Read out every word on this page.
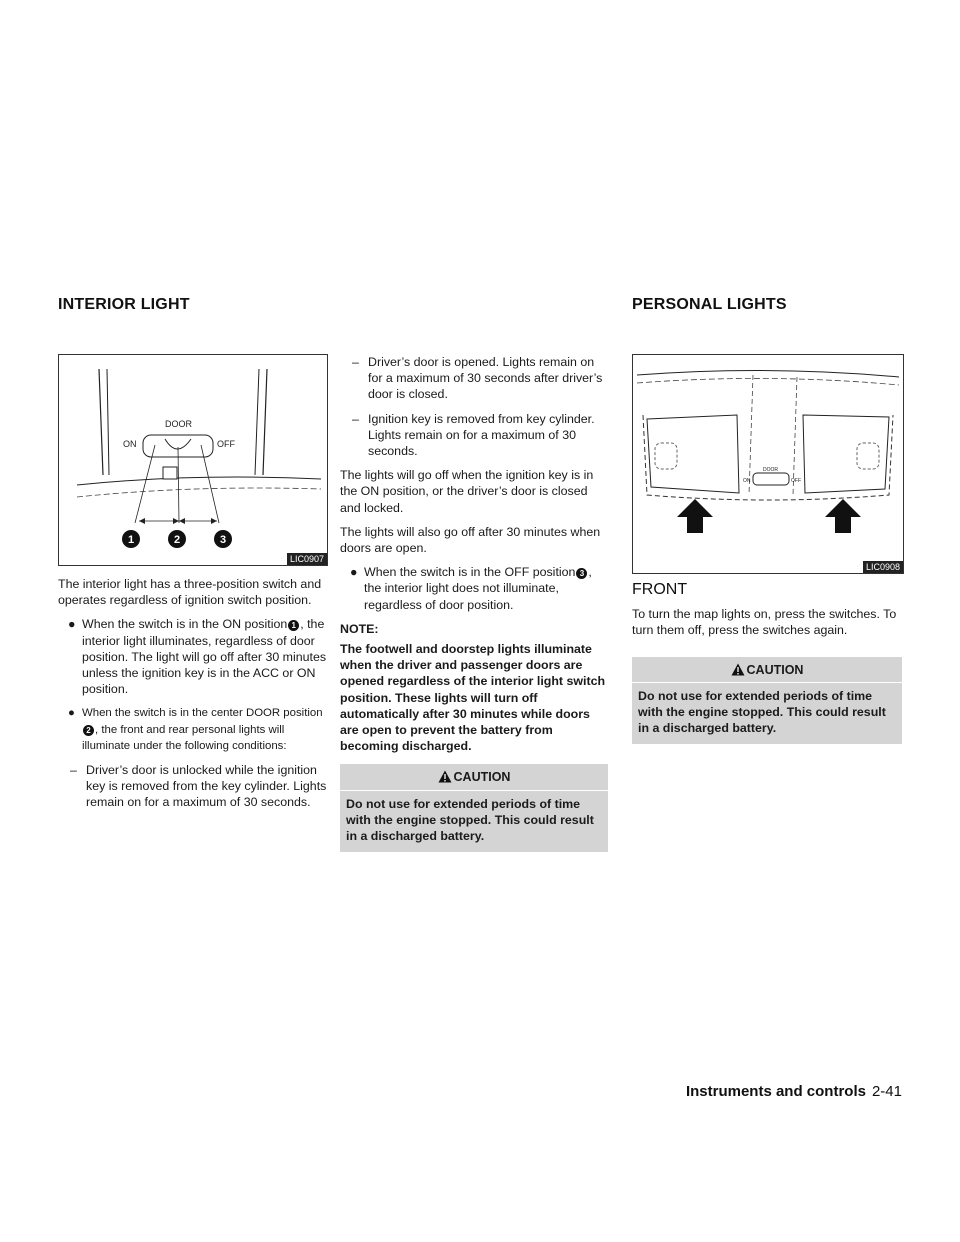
INTERIOR LIGHT	PERSONAL LIGHTS
DOOR
ON	OFF
1	2	3
LIC0907
DOOR
ON	OFF
LIC0908

The interior light has a three-position switch and operates regardless of ignition switch position.

● When the switch is in the ON position 1 , the interior light illuminates, regardless of door position. The light will go off after 30 minutes unless the ignition key is in the ACC or ON position.
● When the switch is in the center DOOR position2 , the front and rear personal lights will illuminate under the following conditions:
– Driver’s door is unlocked while the ignition key is removed from the key cylinder. Lights remain on for a maximum of 30 seconds.
– Driver’s door is opened. Lights remain on for a maximum of 30 seconds after driver’s door is closed.
– Ignition key is removed from key cylinder. Lights remain on for a maximum of 30 seconds.

The lights will go off when the ignition key is in the ON position, or the driver’s door is closed and locked.

The lights will also go off after 30 minutes when doors are open.

● When the switch is in the OFF position 3 , the interior light does not illuminate, regardless of door position.
NOTE:

The footwell and doorstep lights illuminate when the driver and passenger doors are opened regardless of the interior light switch position. These lights will turn off automatically after 30 minutes while doors are open to prevent the battery from becoming discharged.

CAUTION
Do not use for extended periods of time with the engine stopped. This could result in a discharged battery.
FRONT

To turn the map lights on, press the switches. To turn them off, press the switches again.

CAUTION
Do not use for extended periods of time with the engine stopped. This could result in a discharged battery.
Instruments and controls 2-41
